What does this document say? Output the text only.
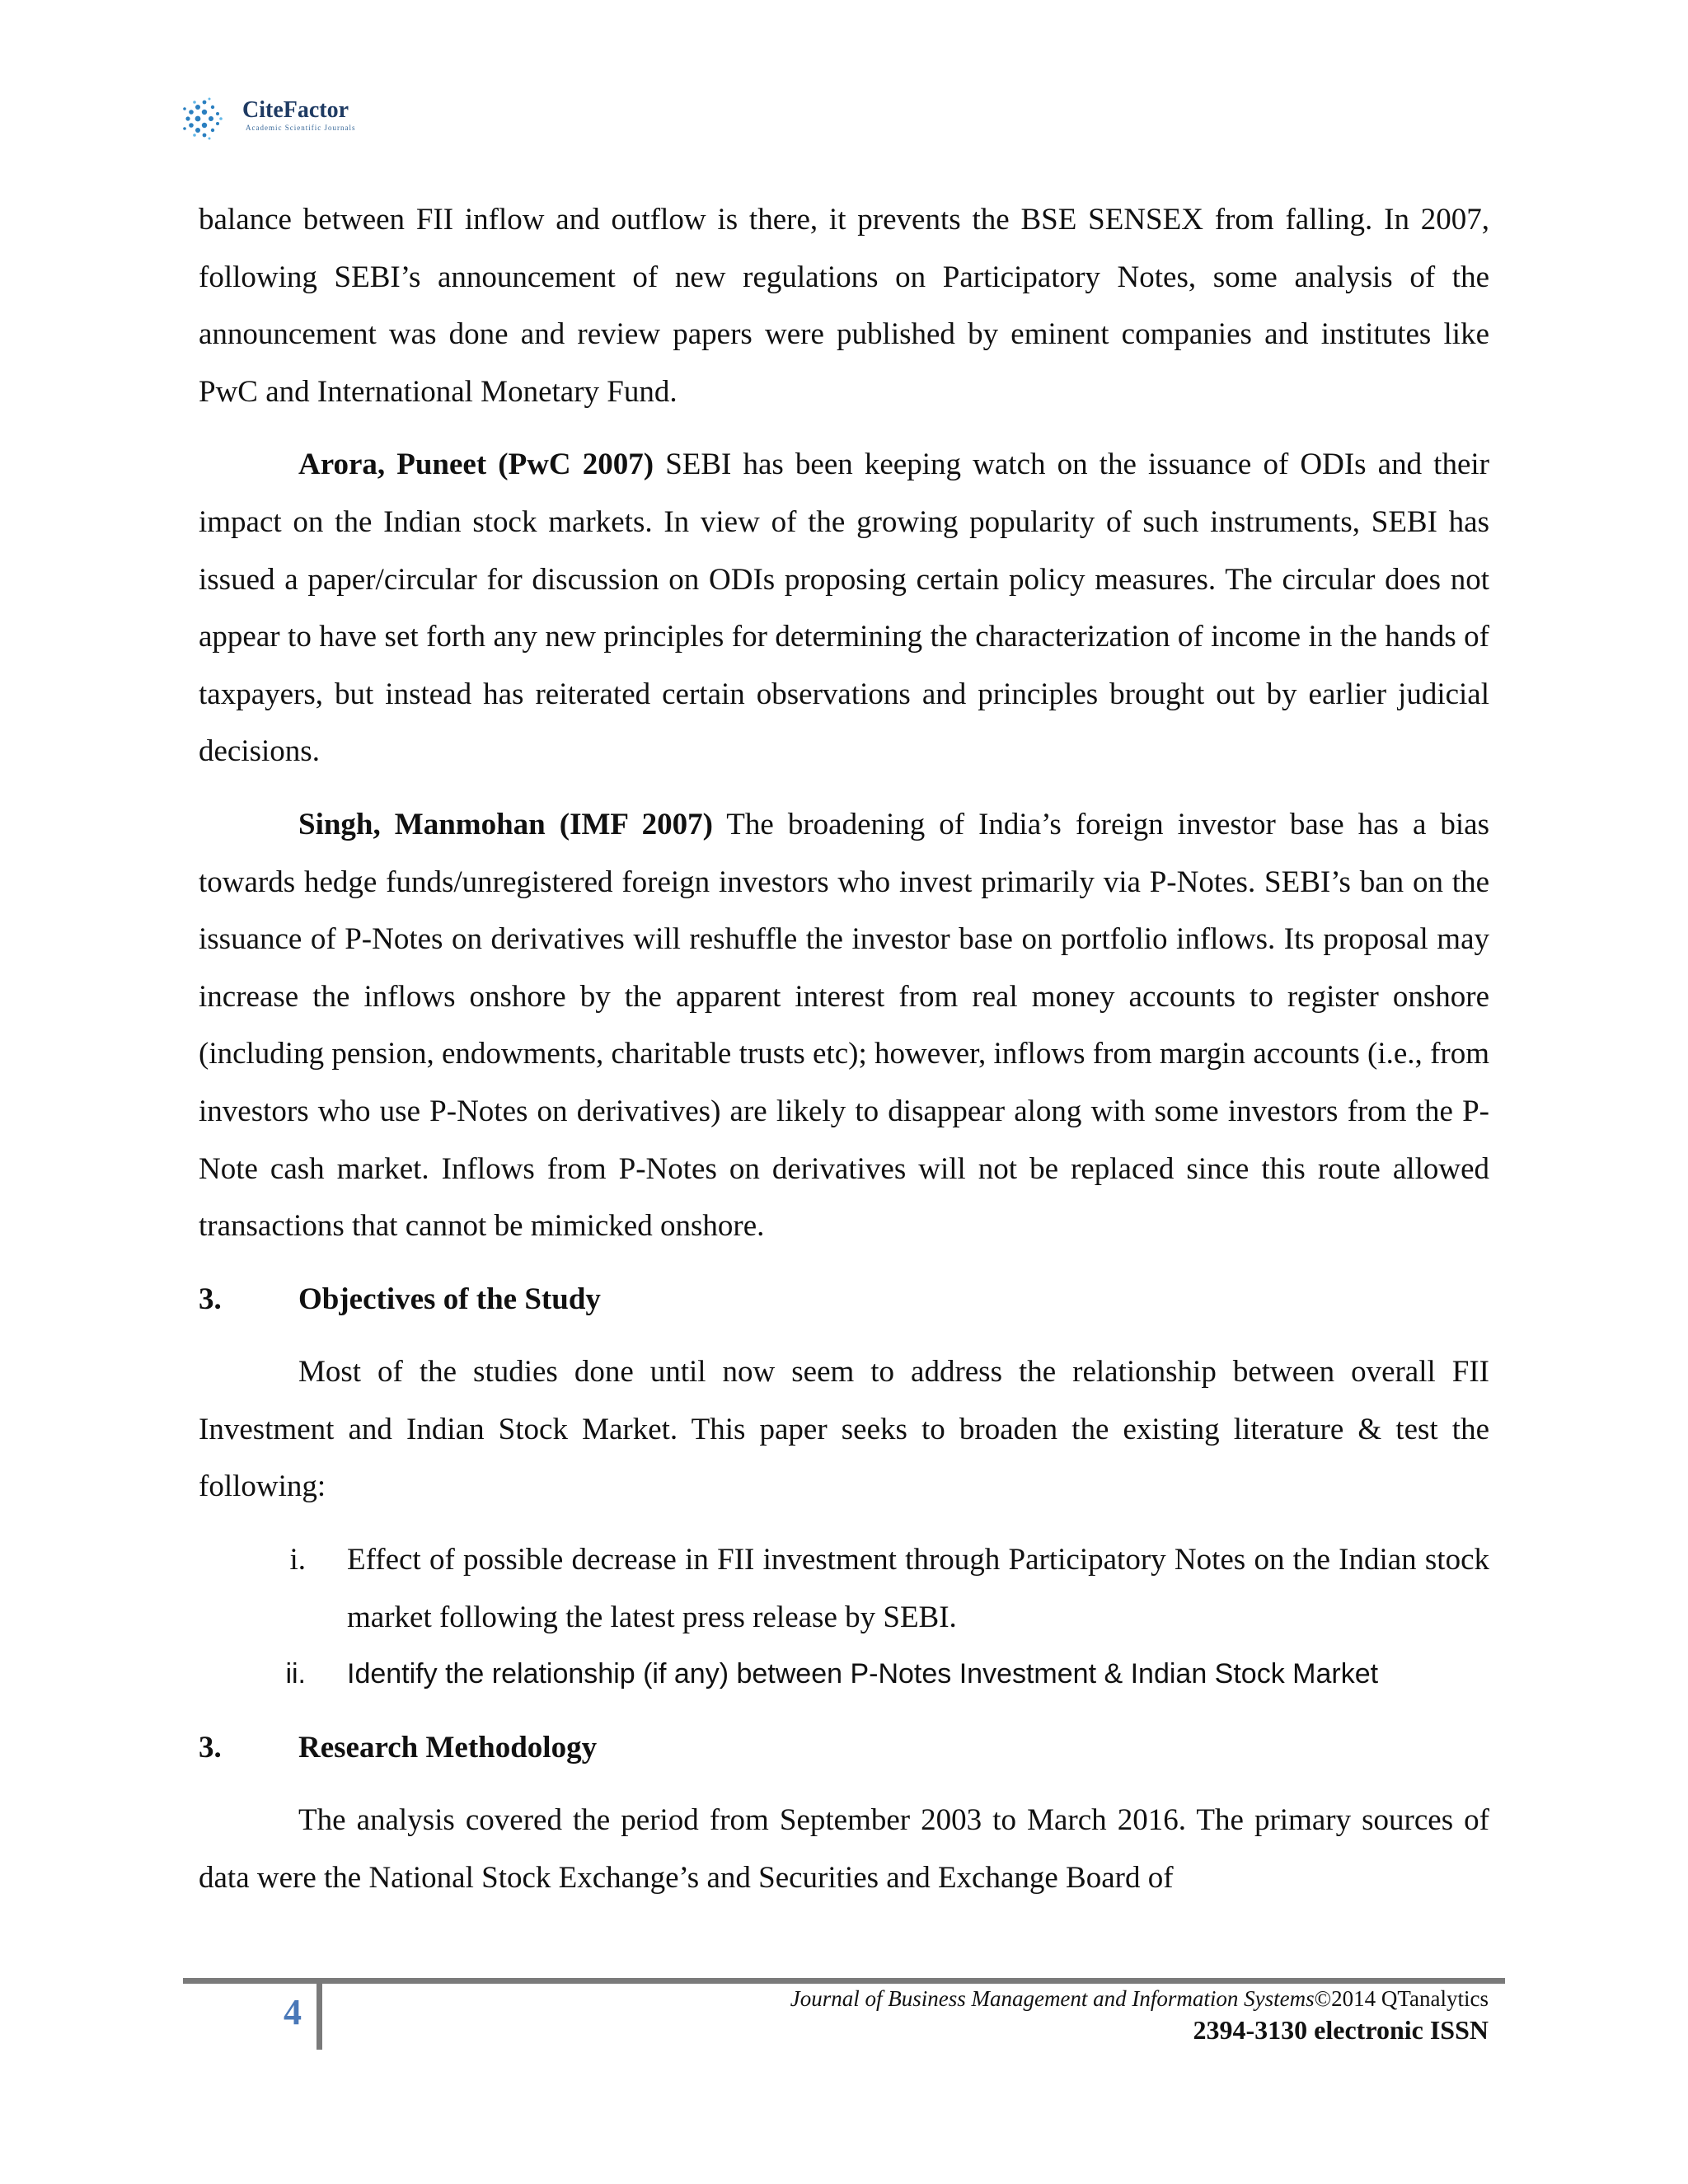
CiteFactor
Academic Scientific Journals

balance between FII inflow and outflow is there, it prevents the BSE SENSEX from falling. In 2007, following SEBI’s announcement of new regulations on Participatory Notes, some analysis of the announcement was done and review papers were published by eminent companies and institutes like PwC and International Monetary Fund.

Arora, Puneet (PwC 2007) SEBI has been keeping watch on the issuance of ODIs and their impact on the Indian stock markets. In view of the growing popularity of such instruments, SEBI has issued a paper/circular for discussion on ODIs proposing certain policy measures. The circular does not appear to have set forth any new principles for determining the characterization of income in the hands of taxpayers, but instead has reiterated certain observations and principles brought out by earlier judicial decisions.

Singh, Manmohan (IMF 2007) The broadening of India’s foreign investor base has a bias towards hedge funds/unregistered foreign investors who invest primarily via P-Notes. SEBI’s ban on the issuance of P-Notes on derivatives will reshuffle the investor base on portfolio inflows. Its proposal may increase the inflows onshore by the apparent interest from real money accounts to register onshore (including pension, endowments, charitable trusts etc); however, inflows from margin accounts (i.e., from investors who use P-Notes on derivatives) are likely to disappear along with some investors from the P-Note cash market. Inflows from P-Notes on derivatives will not be replaced since this route allowed transactions that cannot be mimicked onshore.

3.	Objectives of the Study

Most of the studies done until now seem to address the relationship between overall FII Investment and Indian Stock Market. This paper seeks to broaden the existing literature & test the following:

i. Effect of possible decrease in FII investment through Participatory Notes on the Indian stock market following the latest press release by SEBI.
ii. Identify the relationship (if any) between P-Notes Investment & Indian Stock Market
3.	Research Methodology

The analysis covered the period from September 2003 to March 2016. The primary sources of data were the National Stock Exchange’s and Securities and Exchange Board of

4	Journal of Business Management and Information Systems©2014 QTanalytics
2394-3130 electronic ISSN
